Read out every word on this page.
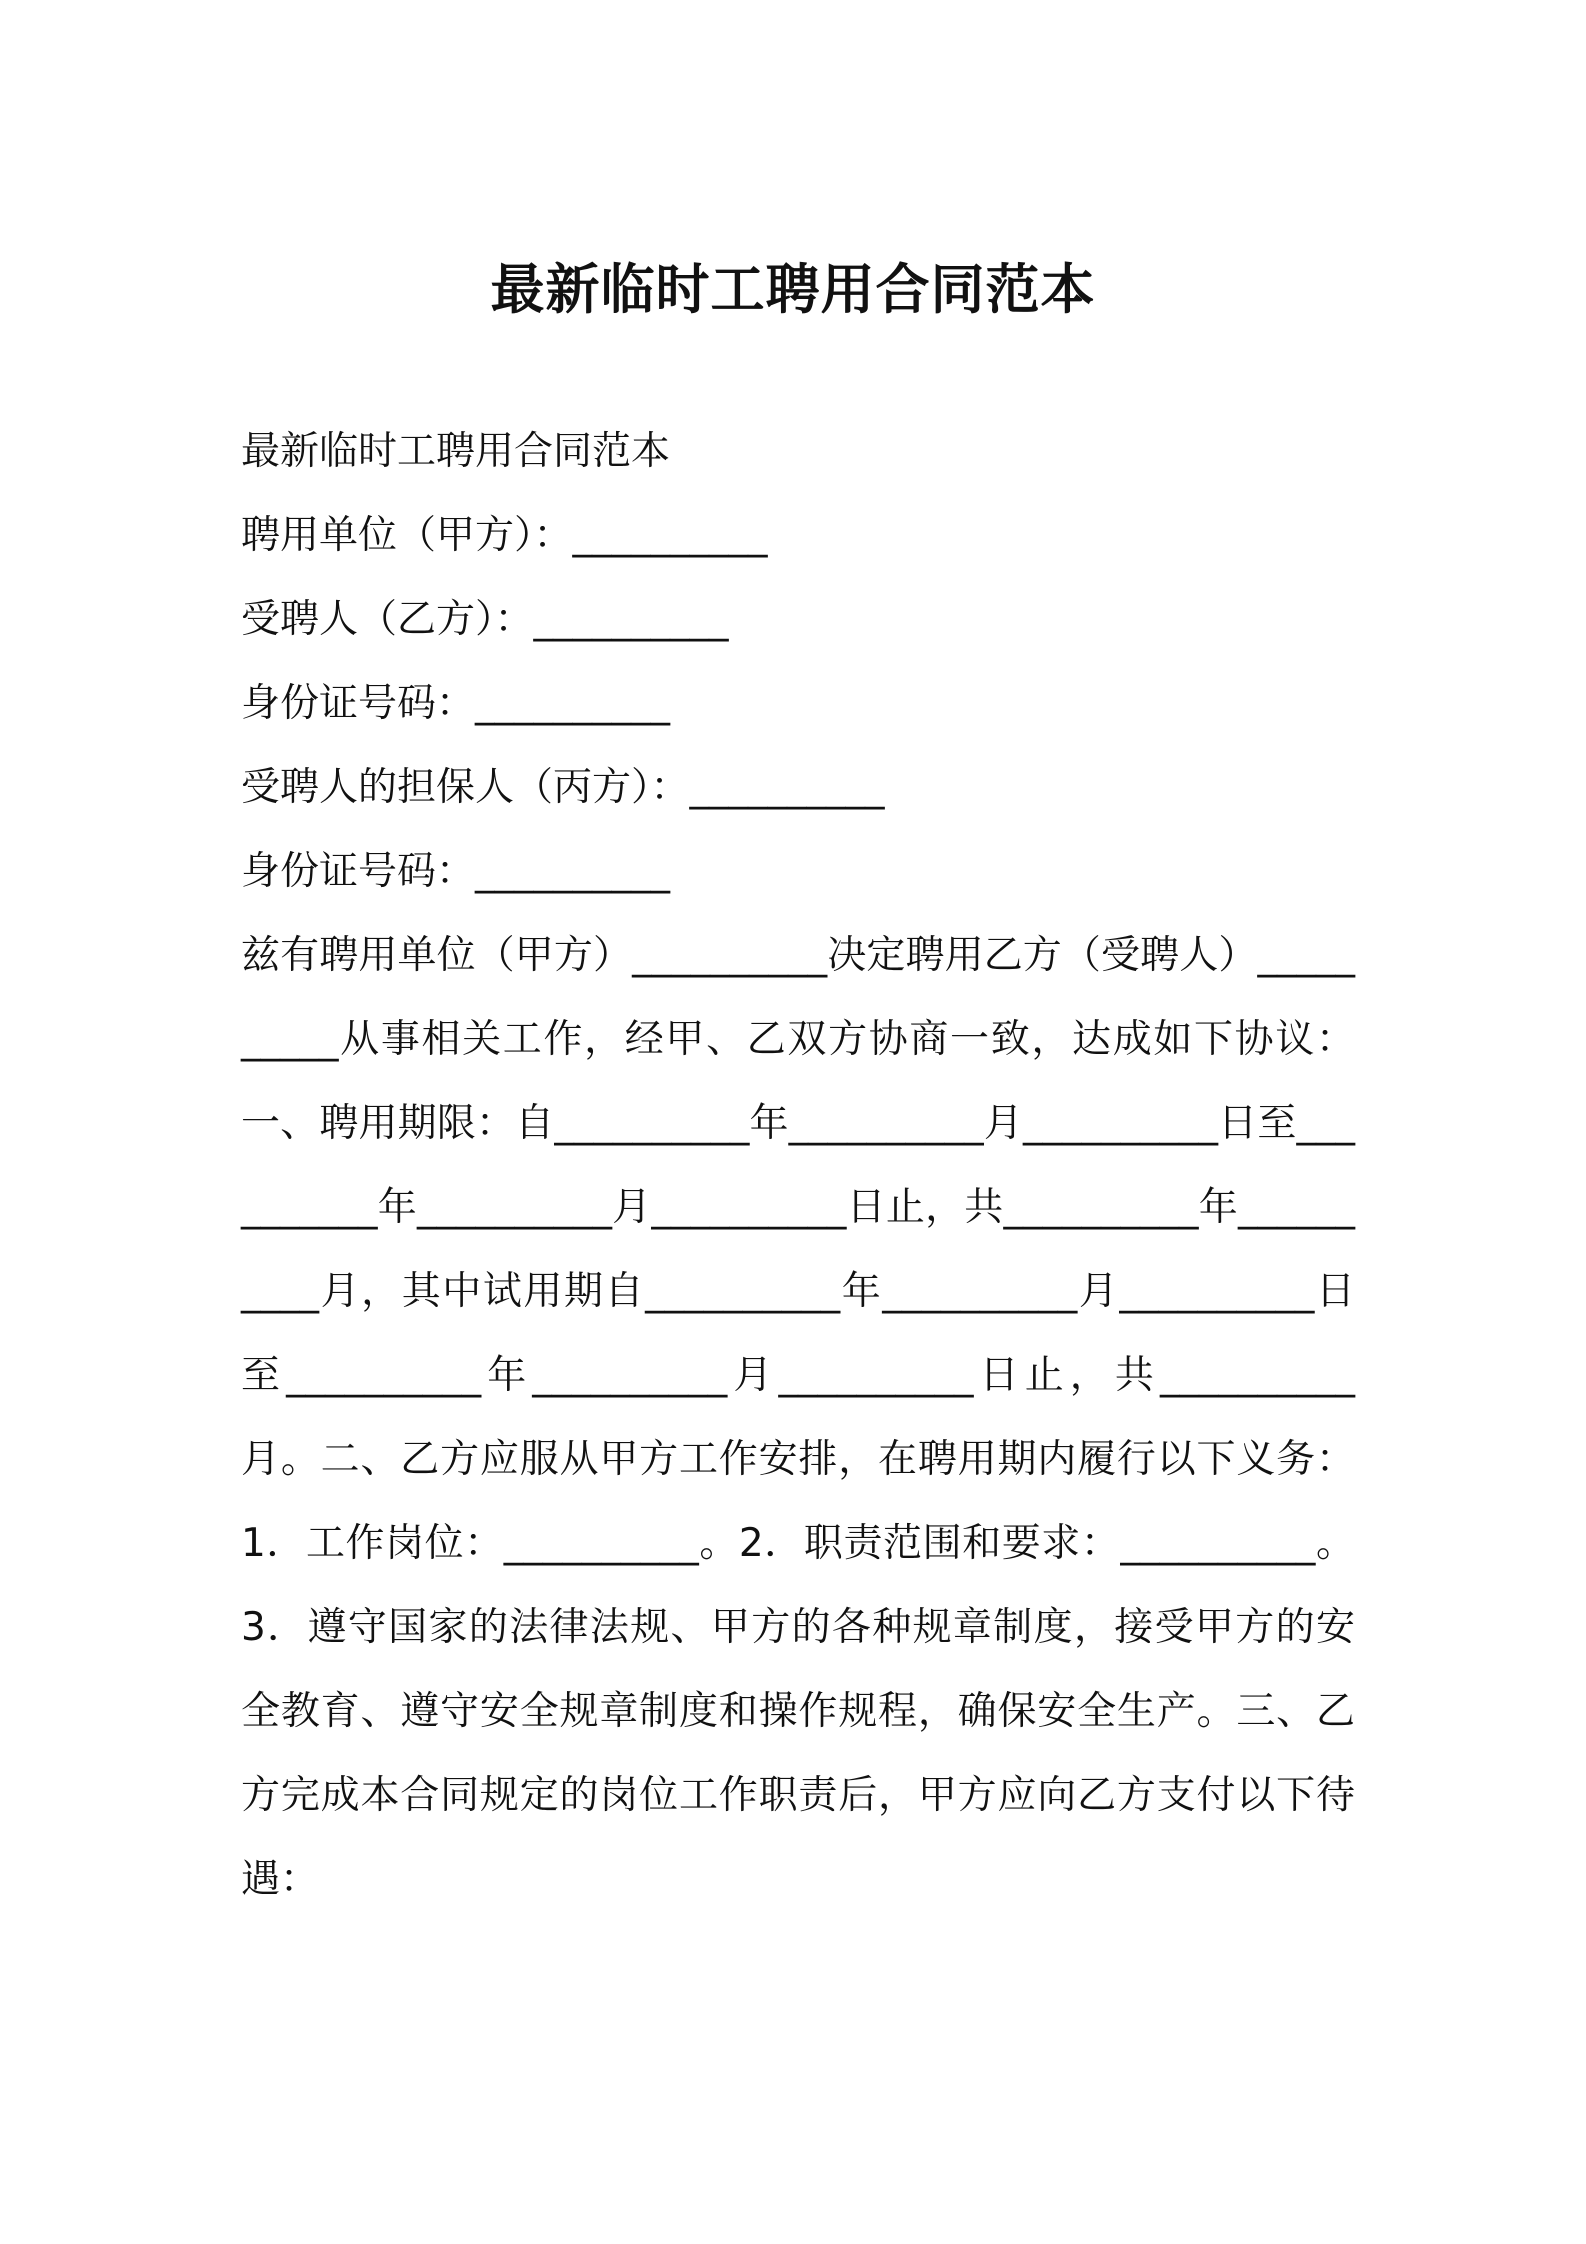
最新临时工聘用合同范本
最新临时工聘用合同范本
聘用单位（甲方）：__________
受聘人（乙方）：__________
身份证号码：__________
受聘人的担保人（丙方）：__________
身份证号码：__________
兹有聘用单位（甲方）__________决定聘用乙方（受聘人）__________从事相关工作，经甲、乙双方协商一致，达成如下协议：一、聘用期限：自__________年__________月__________日至__________年__________月__________日止，共__________年__________月，其中试用期自__________年__________月__________日至__________年__________月__________日止，共__________月。二、乙方应服从甲方工作安排，在聘用期内履行以下义务：1．工作岗位：__________。2．职责范围和要求：__________。3．遵守国家的法律法规、甲方的各种规章制度，接受甲方的安全教育、遵守安全规章制度和操作规程，确保安全生产。三、乙方完成本合同规定的岗位工作职责后，甲方应向乙方支付以下待遇：
